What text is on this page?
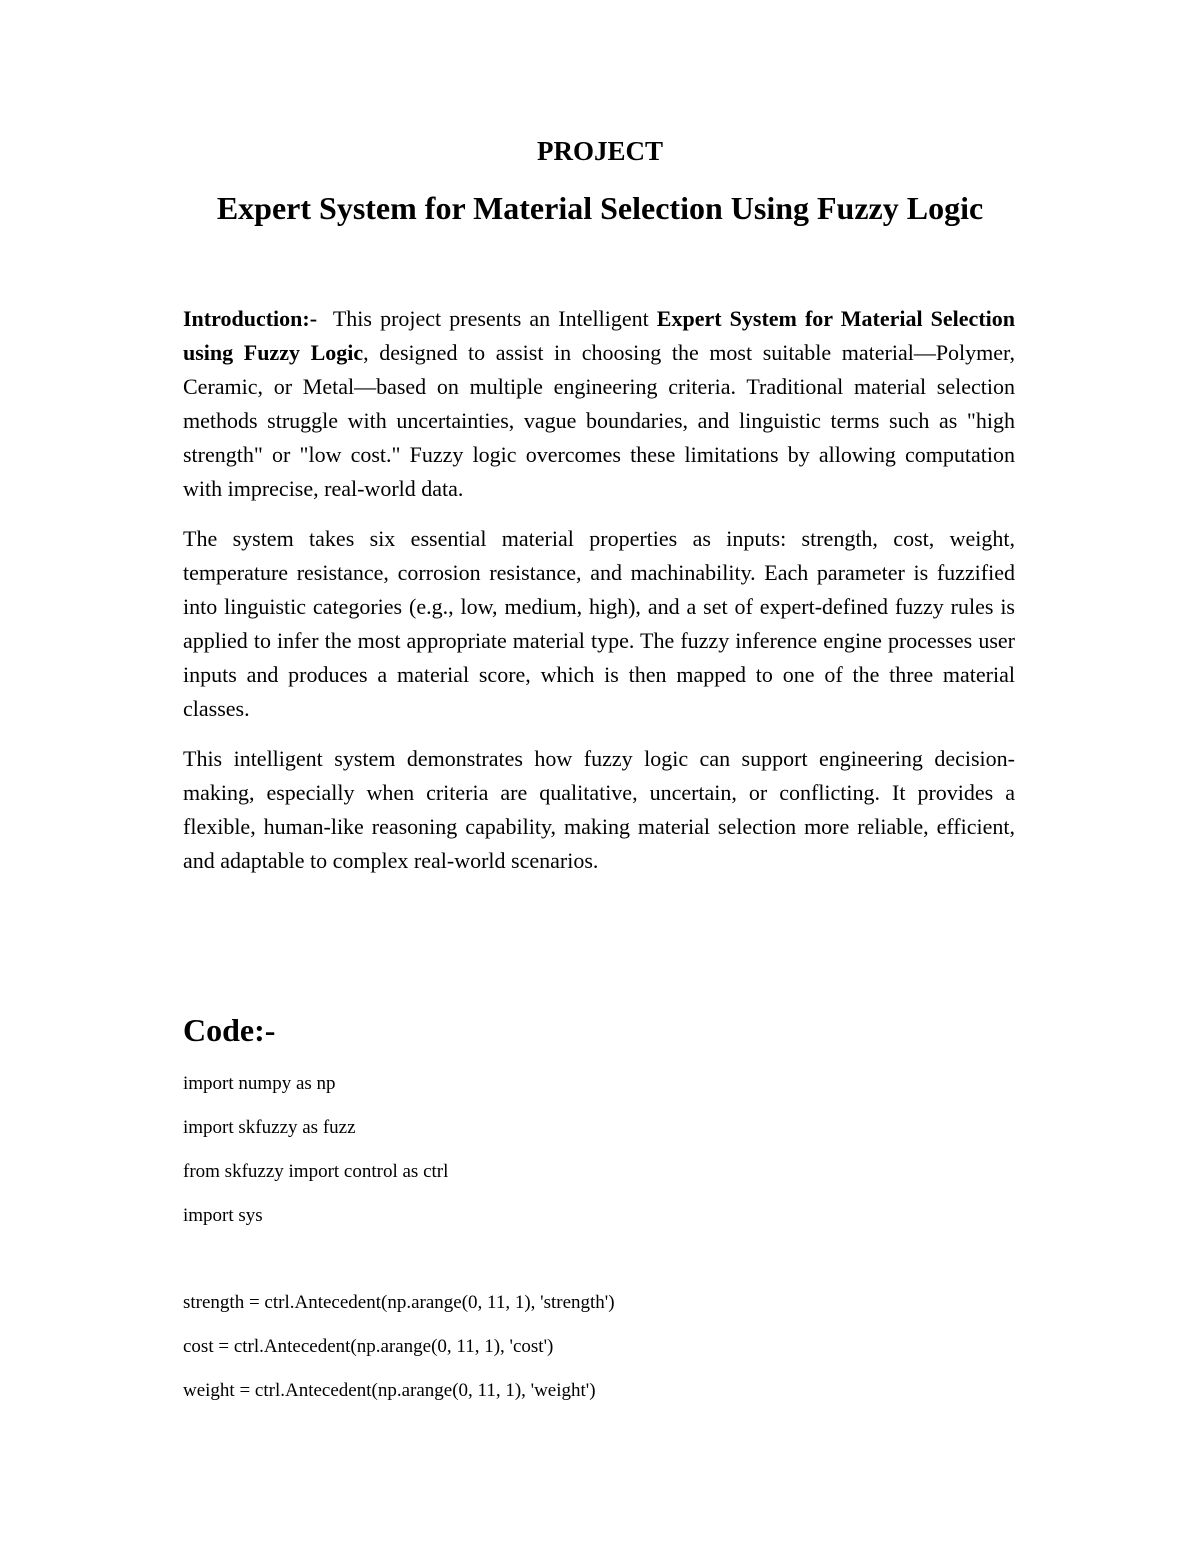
PROJECT
Expert System for Material Selection Using Fuzzy Logic

Introduction:- This project presents an Intelligent Expert System for Material Selection using Fuzzy Logic, designed to assist in choosing the most suitable material—Polymer, Ceramic, or Metal—based on multiple engineering criteria. Traditional material selection methods struggle with uncertainties, vague boundaries, and linguistic terms such as "high strength" or "low cost." Fuzzy logic overcomes these limitations by allowing computation with imprecise, real-world data.

The system takes six essential material properties as inputs: strength, cost, weight, temperature resistance, corrosion resistance, and machinability. Each parameter is fuzzified into linguistic categories (e.g., low, medium, high), and a set of expert-defined fuzzy rules is applied to infer the most appropriate material type. The fuzzy inference engine processes user inputs and produces a material score, which is then mapped to one of the three material classes.

This intelligent system demonstrates how fuzzy logic can support engineering decision-making, especially when criteria are qualitative, uncertain, or conflicting. It provides a flexible, human-like reasoning capability, making material selection more reliable, efficient, and adaptable to complex real-world scenarios.

Code:-
import numpy as np
import skfuzzy as fuzz
from skfuzzy import control as ctrl
import sys
strength = ctrl.Antecedent(np.arange(0, 11, 1), 'strength')
cost = ctrl.Antecedent(np.arange(0, 11, 1), 'cost')
weight = ctrl.Antecedent(np.arange(0, 11, 1), 'weight')
